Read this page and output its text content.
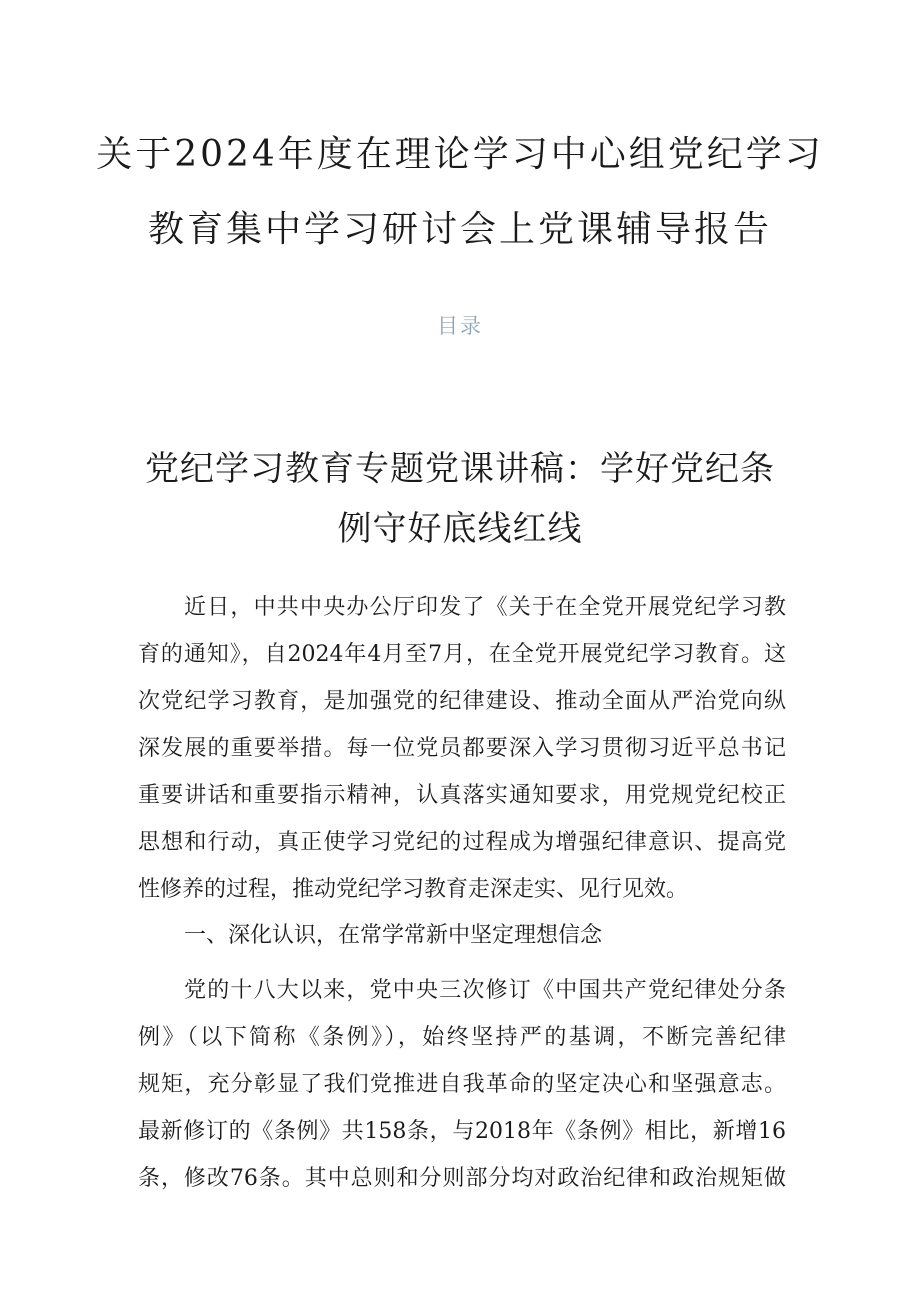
关于2024年度在理论学习中心组党纪学习
教育集中学习研讨会上党课辅导报告

目录

党纪学习教育专题党课讲稿：学好党纪条
例守好底线红线

近日，中共中央办公厅印发了《关于在全党开展党纪学习教

育的通知》，自2024年4月至7月，在全党开展党纪学习教育。这

次党纪学习教育，是加强党的纪律建设、推动全面从严治党向纵

深发展的重要举措。每一位党员都要深入学习贯彻习近平总书记

重要讲话和重要指示精神，认真落实通知要求，用党规党纪校正

思想和行动，真正使学习党纪的过程成为增强纪律意识、提高党

性修养的过程，推动党纪学习教育走深走实、见行见效。

一、深化认识，在常学常新中坚定理想信念

党的十八大以来，党中央三次修订《中国共产党纪律处分条

例》（以下简称《条例》），始终坚持严的基调，不断完善纪律

规矩，充分彰显了我们党推进自我革命的坚定决心和坚强意志。

最新修订的《条例》共158条，与2018年《条例》相比，新增16

条，修改76条。其中总则和分则部分均对政治纪律和政治规矩做
